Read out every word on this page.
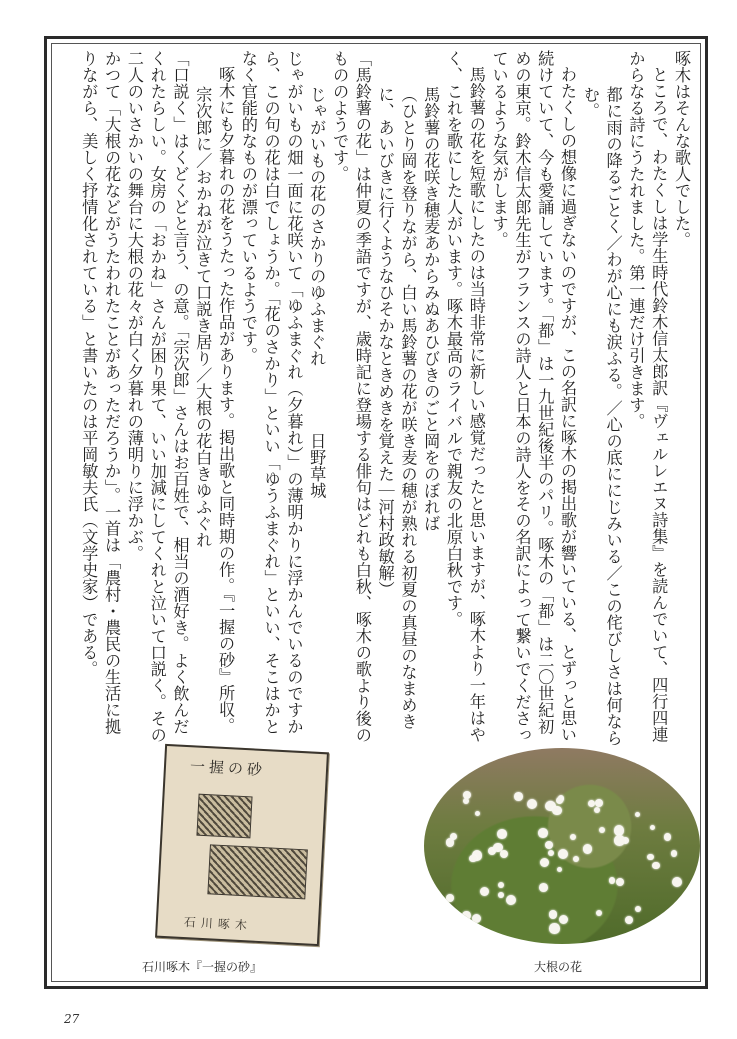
啄木はそんな歌人でした。

ところで、わたくしは学生時代鈴木信太郎訳『ヴェルレエヌ詩集』を読んでいて、四行四連からなる詩にうたれました。第一連だけ引きます。

都に雨の降るごとく／わが心にも涙ふる。／心の底ににじみいる／この侘びしさは何ならむ。

わたくしの想像に過ぎないのですが、この名訳に啄木の掲出歌が響いている、とずっと思い続けていて、今も愛誦しています。「都」は一九世紀後半のパリ。啄木の「都」は二〇世紀初めの東京。鈴木信太郎先生がフランスの詩人と日本の詩人をその名訳によって繋いでくださっているような気がします。

馬鈴薯の花を短歌にしたのは当時非常に新しい感覚だったと思いますが、啄木より一年はやく、これを歌にした人がいます。啄木最高のライバルで親友の北原白秋です。

馬鈴薯の花咲き穂麦あからみぬあひびきのごと岡をのぼれば

（ひとり岡を登りながら、白い馬鈴薯の花が咲き麦の穂が熟れる初夏の真昼のなまめきに、あいびきに行くようなひそかなときめきを覚えた｜河村政敏解）

「馬鈴薯の花」は仲夏の季語ですが、歳時記に登場する俳句はどれも白秋、啄木の歌より後のもののようです。

じゃがいもの花のさかりのゆふまぐれ　　　　日野草城

じゃがいもの畑一面に花咲いて「ゆふまぐれ（夕暮れ）」の薄明かりに浮かんでいるのですから、この句の花は白でしょうか。「花のさかり」といい「ゆうふまぐれ」といい、そこはかとなく官能的なものが漂っているようです。

啄木にも夕暮れの花をうたった作品があります。掲出歌と同時期の作。『一握の砂』所収。

宗次郎に／おかねが泣きて口説き居り／大根の花白きゆふぐれ

「口説く」はくどくどと言う、の意。「宗次郎」さんはお百姓で、相当の酒好き。よく飲んだくれたらしい。女房の「おかね」さんが困り果て、いい加減にしてくれと泣いて口説く。その二人のいさかいの舞台に大根の花々が白く夕暮れの薄明りに浮かぶ。

かつて「大根の花などがうたわれたことがあっただろうか」。一首は「農村・農民の生活に拠りながら、美しく抒情化されている」と書いたのは平岡敏夫氏（文学史家）である。

一握の砂
石川啄木
石川啄木『一握の砂』	大根の花
27
